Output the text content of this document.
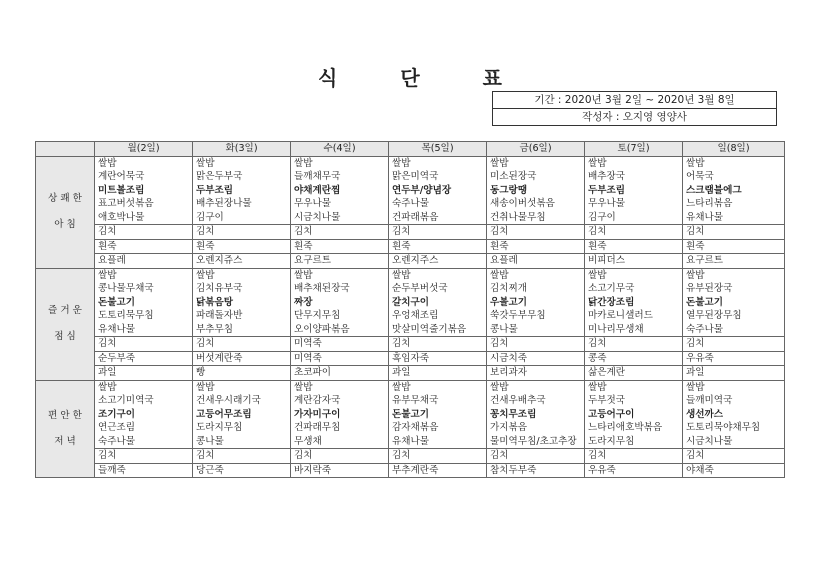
식	단	표
기간 : 2020년 3월 2일 ~ 2020년 3월 8일
작성자 : 오지영 영양사
	월(2일)	화(3일)	수(4일)	목(5일)	금(6일)	토(7일)	일(8일)

상 쾌 한
아 침	쌀밥	쌀밥	쌀밥	쌀밥	쌀밥	쌀밥	쌀밥
	계란어묵국	맑은두부국	들깨채무국	맑은미역국	미소된장국	배추장국	어묵국
	미트볼조림	두부조림	야채계란찜	연두부/양념장	동그랑땡	두부조림	스크램블에그
	표고버섯볶음	배추된장나물	무우나물	숙주나물	새송이버섯볶음	무우나물	느타리볶음
	애호박나물	김구이	시금치나물	건파래볶음	건취나물무침	김구이	유채나물
	김치	김치	김치	김치	김치	김치	김치
	흰죽	흰죽	흰죽	흰죽	흰죽	흰죽	흰죽
	요플레	오렌지쥬스	요구르트	오렌지주스	요플레	비피더스	요구르트

즐 거 운
점 심	쌀밥	쌀밥	쌀밥	쌀밥	쌀밥	쌀밥	쌀밥
	콩나물무채국	김치유부국	배추채된장국	순두부버섯국	김치찌개	소고기무국	유부된장국
	돈불고기	닭볶음탕	짜장	갈치구이	우볼고기	닭간장조림	돈불고기
	도토리묵무침	파래돌자반	단무지무침	우엉채조림	쑥갓두부무침	마카로니샐러드	열무된장무침
	유채나물	부추무침	오이양파볶음	맛살미역줄기볶음	콩나물	미나리무생채	숙주나물
	김치	김치	미역죽	김치	김치	김치	김치
	순두부죽	버섯계란죽	미역죽	흑임자죽	시금치죽	콩죽	우유죽
	과일	빵	초코파이	과일	보리과자	삶은계란	과일

편 안 한
저 녁	쌀밥	쌀밥	쌀밥	쌀밥	쌀밥	쌀밥	쌀밥
	소고기미역국	건새우시래기국	계란감자국	유부무채국	건새우배추국	두부젓국	들깨미역국
	조기구이	고등어무조림	가자미구이	돈불고기	꽁치무조림	고등어구이	생선까스
	연근조림	도라지무침	건파래무침	감자채볶음	가지볶음	느타리애호박볶음	도토리묵야채무침
	숙주나물	콩나물	무생채	유채나물	물미역무침/초고추장	도라지무침	시금치나물
	김치	김치	김치	김치	김치	김치	김치
	들깨죽	당근죽	바지락죽	부추계란죽	참치두부죽	우유죽	야채죽
